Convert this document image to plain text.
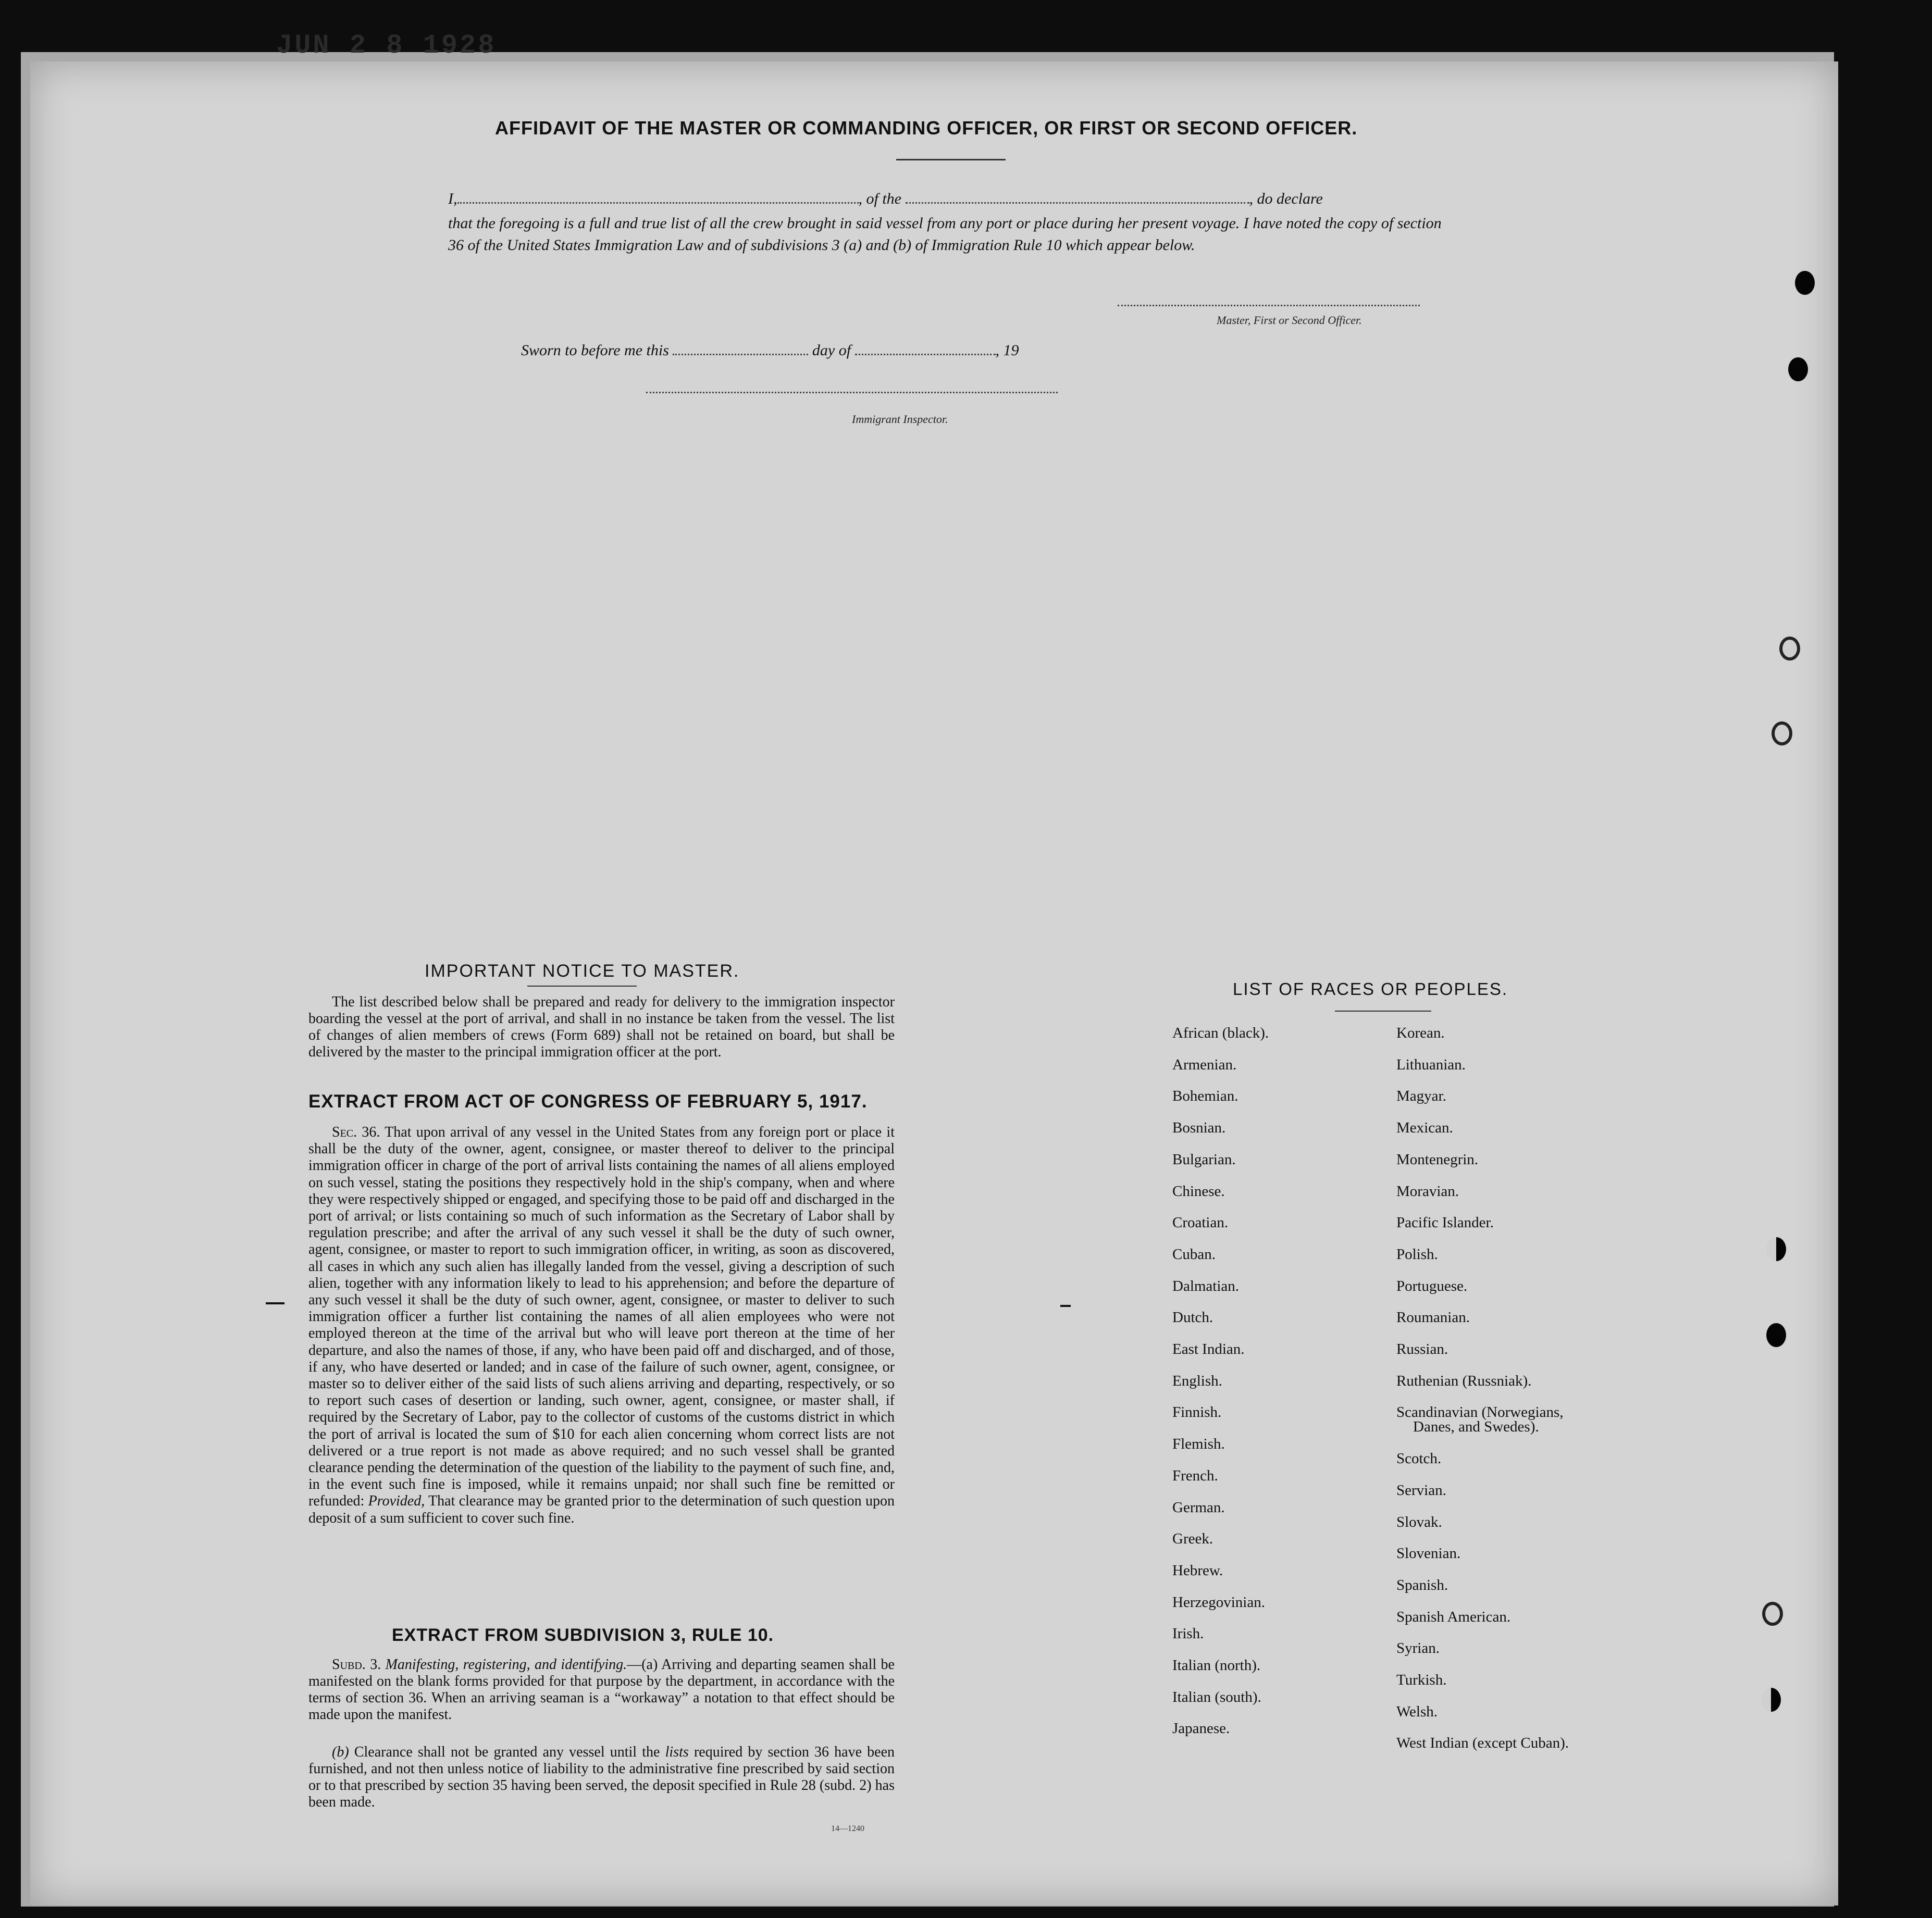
JUN 2 8 1928
AFFIDAVIT OF THE MASTER OR COMMANDING OFFICER, OR FIRST OR SECOND OFFICER.
I,	, of the	, do declare
that the foregoing is a full and true list of all the crew brought in said vessel from any port or place during her present voyage. I have noted the copy of section 36 of the United States Immigration Law and of subdivisions 3 (a) and (b) of Immigration Rule 10 which appear below.
Master, First or Second Officer.
Sworn to before me this	day of	, 19
Immigrant Inspector.
IMPORTANT NOTICE TO MASTER.
The list described below shall be prepared and ready for delivery to the immigration inspector boarding the vessel at the port of arrival, and shall in no instance be taken from the vessel. The list of changes of alien members of crews (Form 689) shall not be retained on board, but shall be delivered by the master to the principal immigration officer at the port.
EXTRACT FROM ACT OF CONGRESS OF FEBRUARY 5, 1917.
Sec. 36. That upon arrival of any vessel in the United States from any foreign port or place it shall be the duty of the owner, agent, consignee, or master thereof to deliver to the principal immigration officer in charge of the port of arrival lists containing the names of all aliens employed on such vessel, stating the positions they respectively hold in the ship's company, when and where they were respectively shipped or engaged, and specifying those to be paid off and discharged in the port of arrival; or lists containing so much of such information as the Secretary of Labor shall by regulation prescribe; and after the arrival of any such vessel it shall be the duty of such owner, agent, consignee, or master to report to such immigration officer, in writing, as soon as discovered, all cases in which any such alien has illegally landed from the vessel, giving a description of such alien, together with any information likely to lead to his apprehension; and before the departure of any such vessel it shall be the duty of such owner, agent, consignee, or master to deliver to such immigration officer a further list containing the names of all alien employees who were not employed thereon at the time of the arrival but who will leave port thereon at the time of her departure, and also the names of those, if any, who have been paid off and discharged, and of those, if any, who have deserted or landed; and in case of the failure of such owner, agent, consignee, or master so to deliver either of the said lists of such aliens arriving and departing, respectively, or so to report such cases of desertion or landing, such owner, agent, consignee, or master shall, if required by the Secretary of Labor, pay to the collector of customs of the customs district in which the port of arrival is located the sum of $10 for each alien concerning whom correct lists are not delivered or a true report is not made as above required; and no such vessel shall be granted clearance pending the determination of the question of the liability to the payment of such fine, and, in the event such fine is imposed, while it remains unpaid; nor shall such fine be remitted or refunded: Provided, That clearance may be granted prior to the determination of such question upon deposit of a sum sufficient to cover such fine.
EXTRACT FROM SUBDIVISION 3, RULE 10.
Subd. 3. Manifesting, registering, and identifying.—(a) Arriving and departing seamen shall be manifested on the blank forms provided for that purpose by the department, in accordance with the terms of section 36. When an arriving seaman is a “workaway” a notation to that effect should be made upon the manifest.
(b) Clearance shall not be granted any vessel until the lists required by section 36 have been furnished, and not then unless notice of liability to the administrative fine prescribed by said section or to that prescribed by section 35 having been served, the deposit specified in Rule 28 (subd. 2) has been made.
14—1240
LIST OF RACES OR PEOPLES.
African (black).
Armenian.
Bohemian.
Bosnian.
Bulgarian.
Chinese.
Croatian.
Cuban.
Dalmatian.
Dutch.
East Indian.
English.
Finnish.
Flemish.
French.
German.
Greek.
Hebrew.
Herzegovinian.
Irish.
Italian (north).
Italian (south).
Japanese.
Korean.
Lithuanian.
Magyar.
Mexican.
Montenegrin.
Moravian.
Pacific Islander.
Polish.
Portuguese.
Roumanian.
Russian.
Ruthenian (Russniak).
Scandinavian (Norwegians,
Danes, and Swedes).
Scotch.
Servian.
Slovak.
Slovenian.
Spanish.
Spanish American.
Syrian.
Turkish.
Welsh.
West Indian (except Cuban).
